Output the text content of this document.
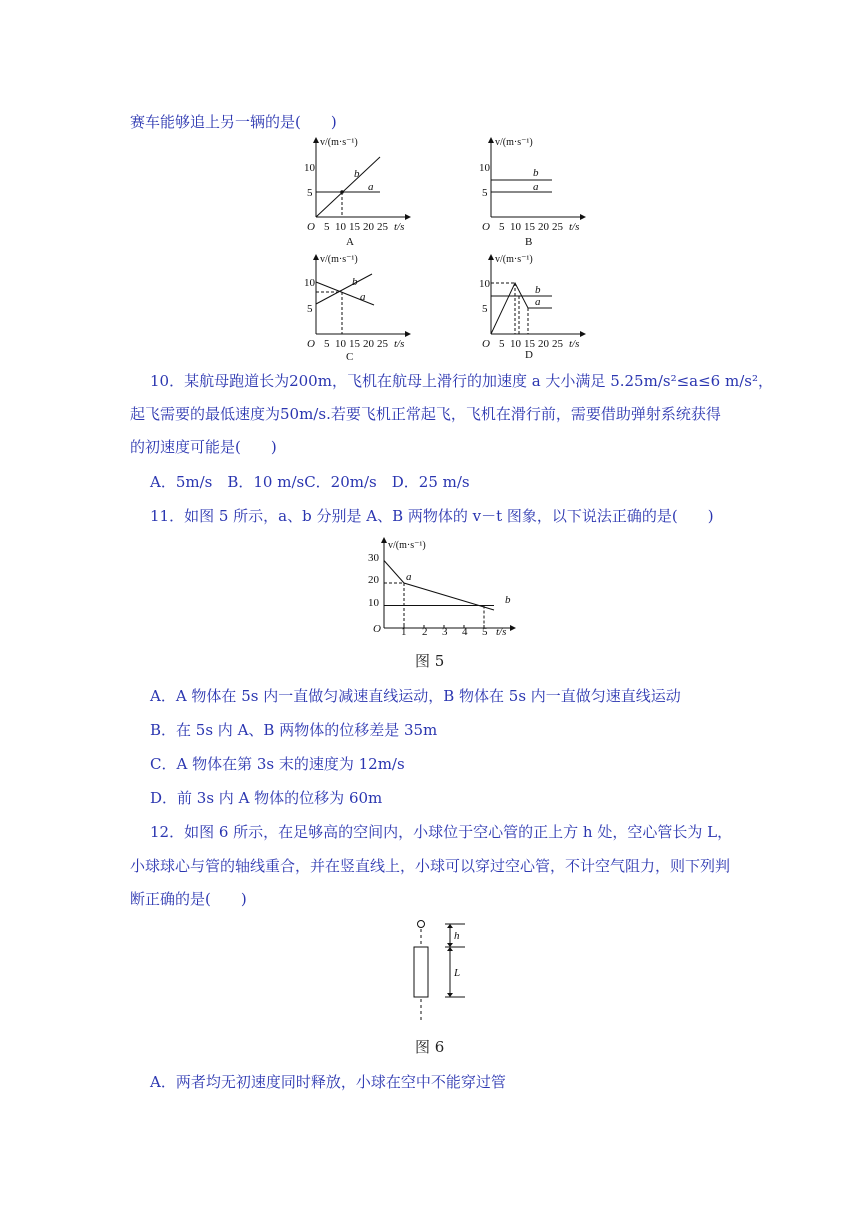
赛车能够追上另一辆的是(　　)
v/(m·s⁻¹)
10
5
O 5 10 15 20 25 t/s
b
a
A
v/(m·s⁻¹)
10
5
O 5 10 15 20 25 t/s
b
a
B
v/(m·s⁻¹)
10
5
O 5 10 15 20 25 t/s
b
a
C
v/(m·s⁻¹)
10
5
O 5 10 15 20 25 t/s
b
a
D
10．某航母跑道长为200m，飞机在航母上滑行的加速度 a 大小满足 5.25m/s²≤a≤6 m/s²，
起飞需要的最低速度为50m/s.若要飞机正常起飞，飞机在滑行前，需要借助弹射系统获得
的初速度可能是(　　)
A．5m/s　B．10 m/sC．20m/s　D．25 m/s
11．如图 5 所示，a、b 分别是 A、B 两物体的 v－t 图象，以下说法正确的是(　　)
v/(m·s⁻¹)
30
20
10
O 1 2 3 4 5 t/s
a
b
图 5
A．A 物体在 5s 内一直做匀减速直线运动，B 物体在 5s 内一直做匀速直线运动
B．在 5s 内 A、B 两物体的位移差是 35m
C．A 物体在第 3s 末的速度为 12m/s
D．前 3s 内 A 物体的位移为 60m
12．如图 6 所示，在足够高的空间内，小球位于空心管的正上方 h 处，空心管长为 L，
小球球心与管的轴线重合，并在竖直线上，小球可以穿过空心管，不计空气阻力，则下列判
断正确的是(　　)
h
L
图 6
A．两者均无初速度同时释放，小球在空中不能穿过管
